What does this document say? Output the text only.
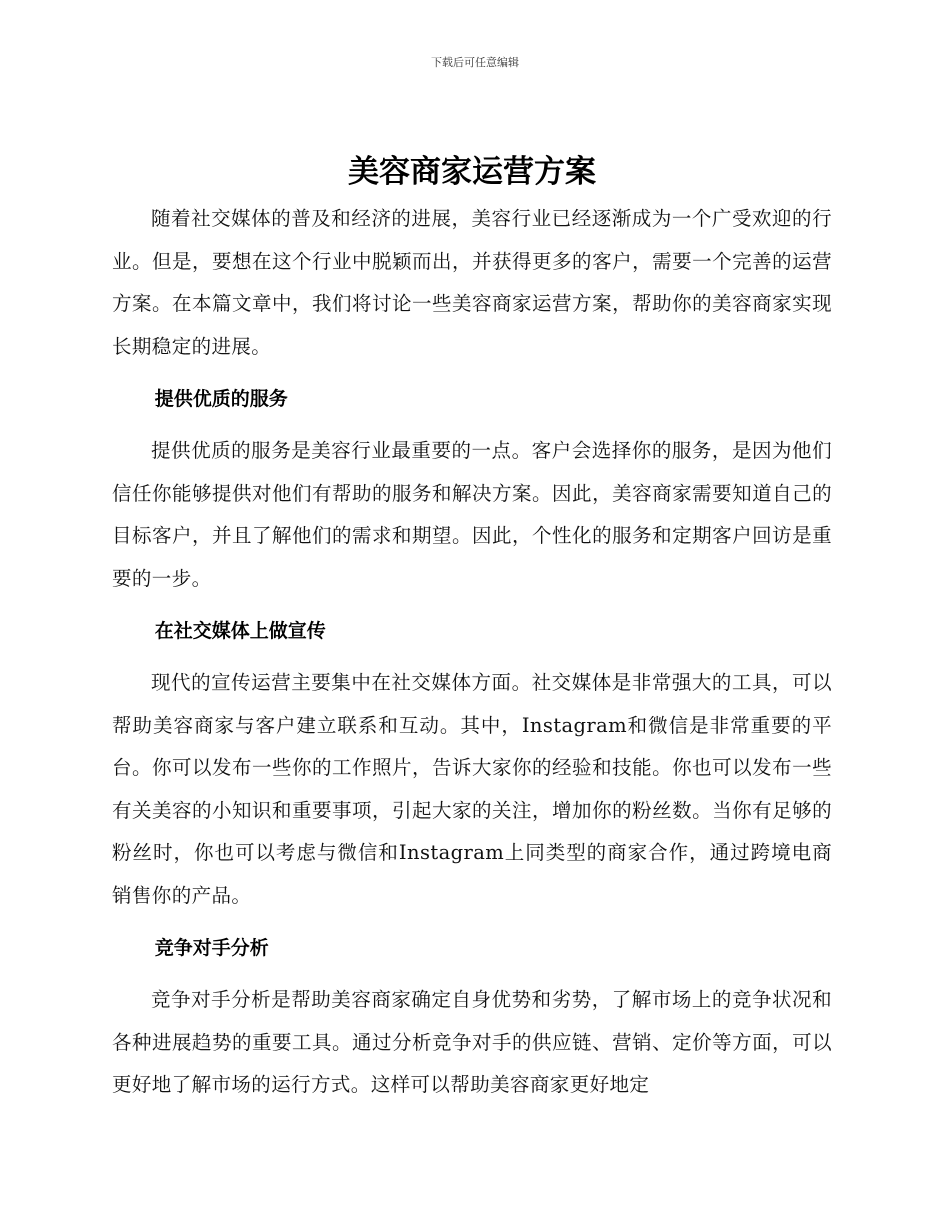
下载后可任意编辑
美容商家运营方案

随着社交媒体的普及和经济的进展，美容行业已经逐渐成为一个广受欢迎的行业。但是，要想在这个行业中脱颖而出，并获得更多的客户，需要一个完善的运营方案。在本篇文章中，我们将讨论一些美容商家运营方案，帮助你的美容商家实现长期稳定的进展。

提供优质的服务

提供优质的服务是美容行业最重要的一点。客户会选择你的服务，是因为他们信任你能够提供对他们有帮助的服务和解决方案。因此，美容商家需要知道自己的目标客户，并且了解他们的需求和期望。因此，个性化的服务和定期客户回访是重要的一步。

在社交媒体上做宣传

现代的宣传运营主要集中在社交媒体方面。社交媒体是非常强大的工具，可以帮助美容商家与客户建立联系和互动。其中，Instagram和微信是非常重要的平台。你可以发布一些你的工作照片，告诉大家你的经验和技能。你也可以发布一些有关美容的小知识和重要事项，引起大家的关注，增加你的粉丝数。当你有足够的粉丝时，你也可以考虑与微信和Instagram上同类型的商家合作，通过跨境电商销售你的产品。

竞争对手分析

竞争对手分析是帮助美容商家确定自身优势和劣势，了解市场上的竞争状况和各种进展趋势的重要工具。通过分析竞争对手的供应链、营销、定价等方面，可以更好地了解市场的运行方式。这样可以帮助美容商家更好地定
